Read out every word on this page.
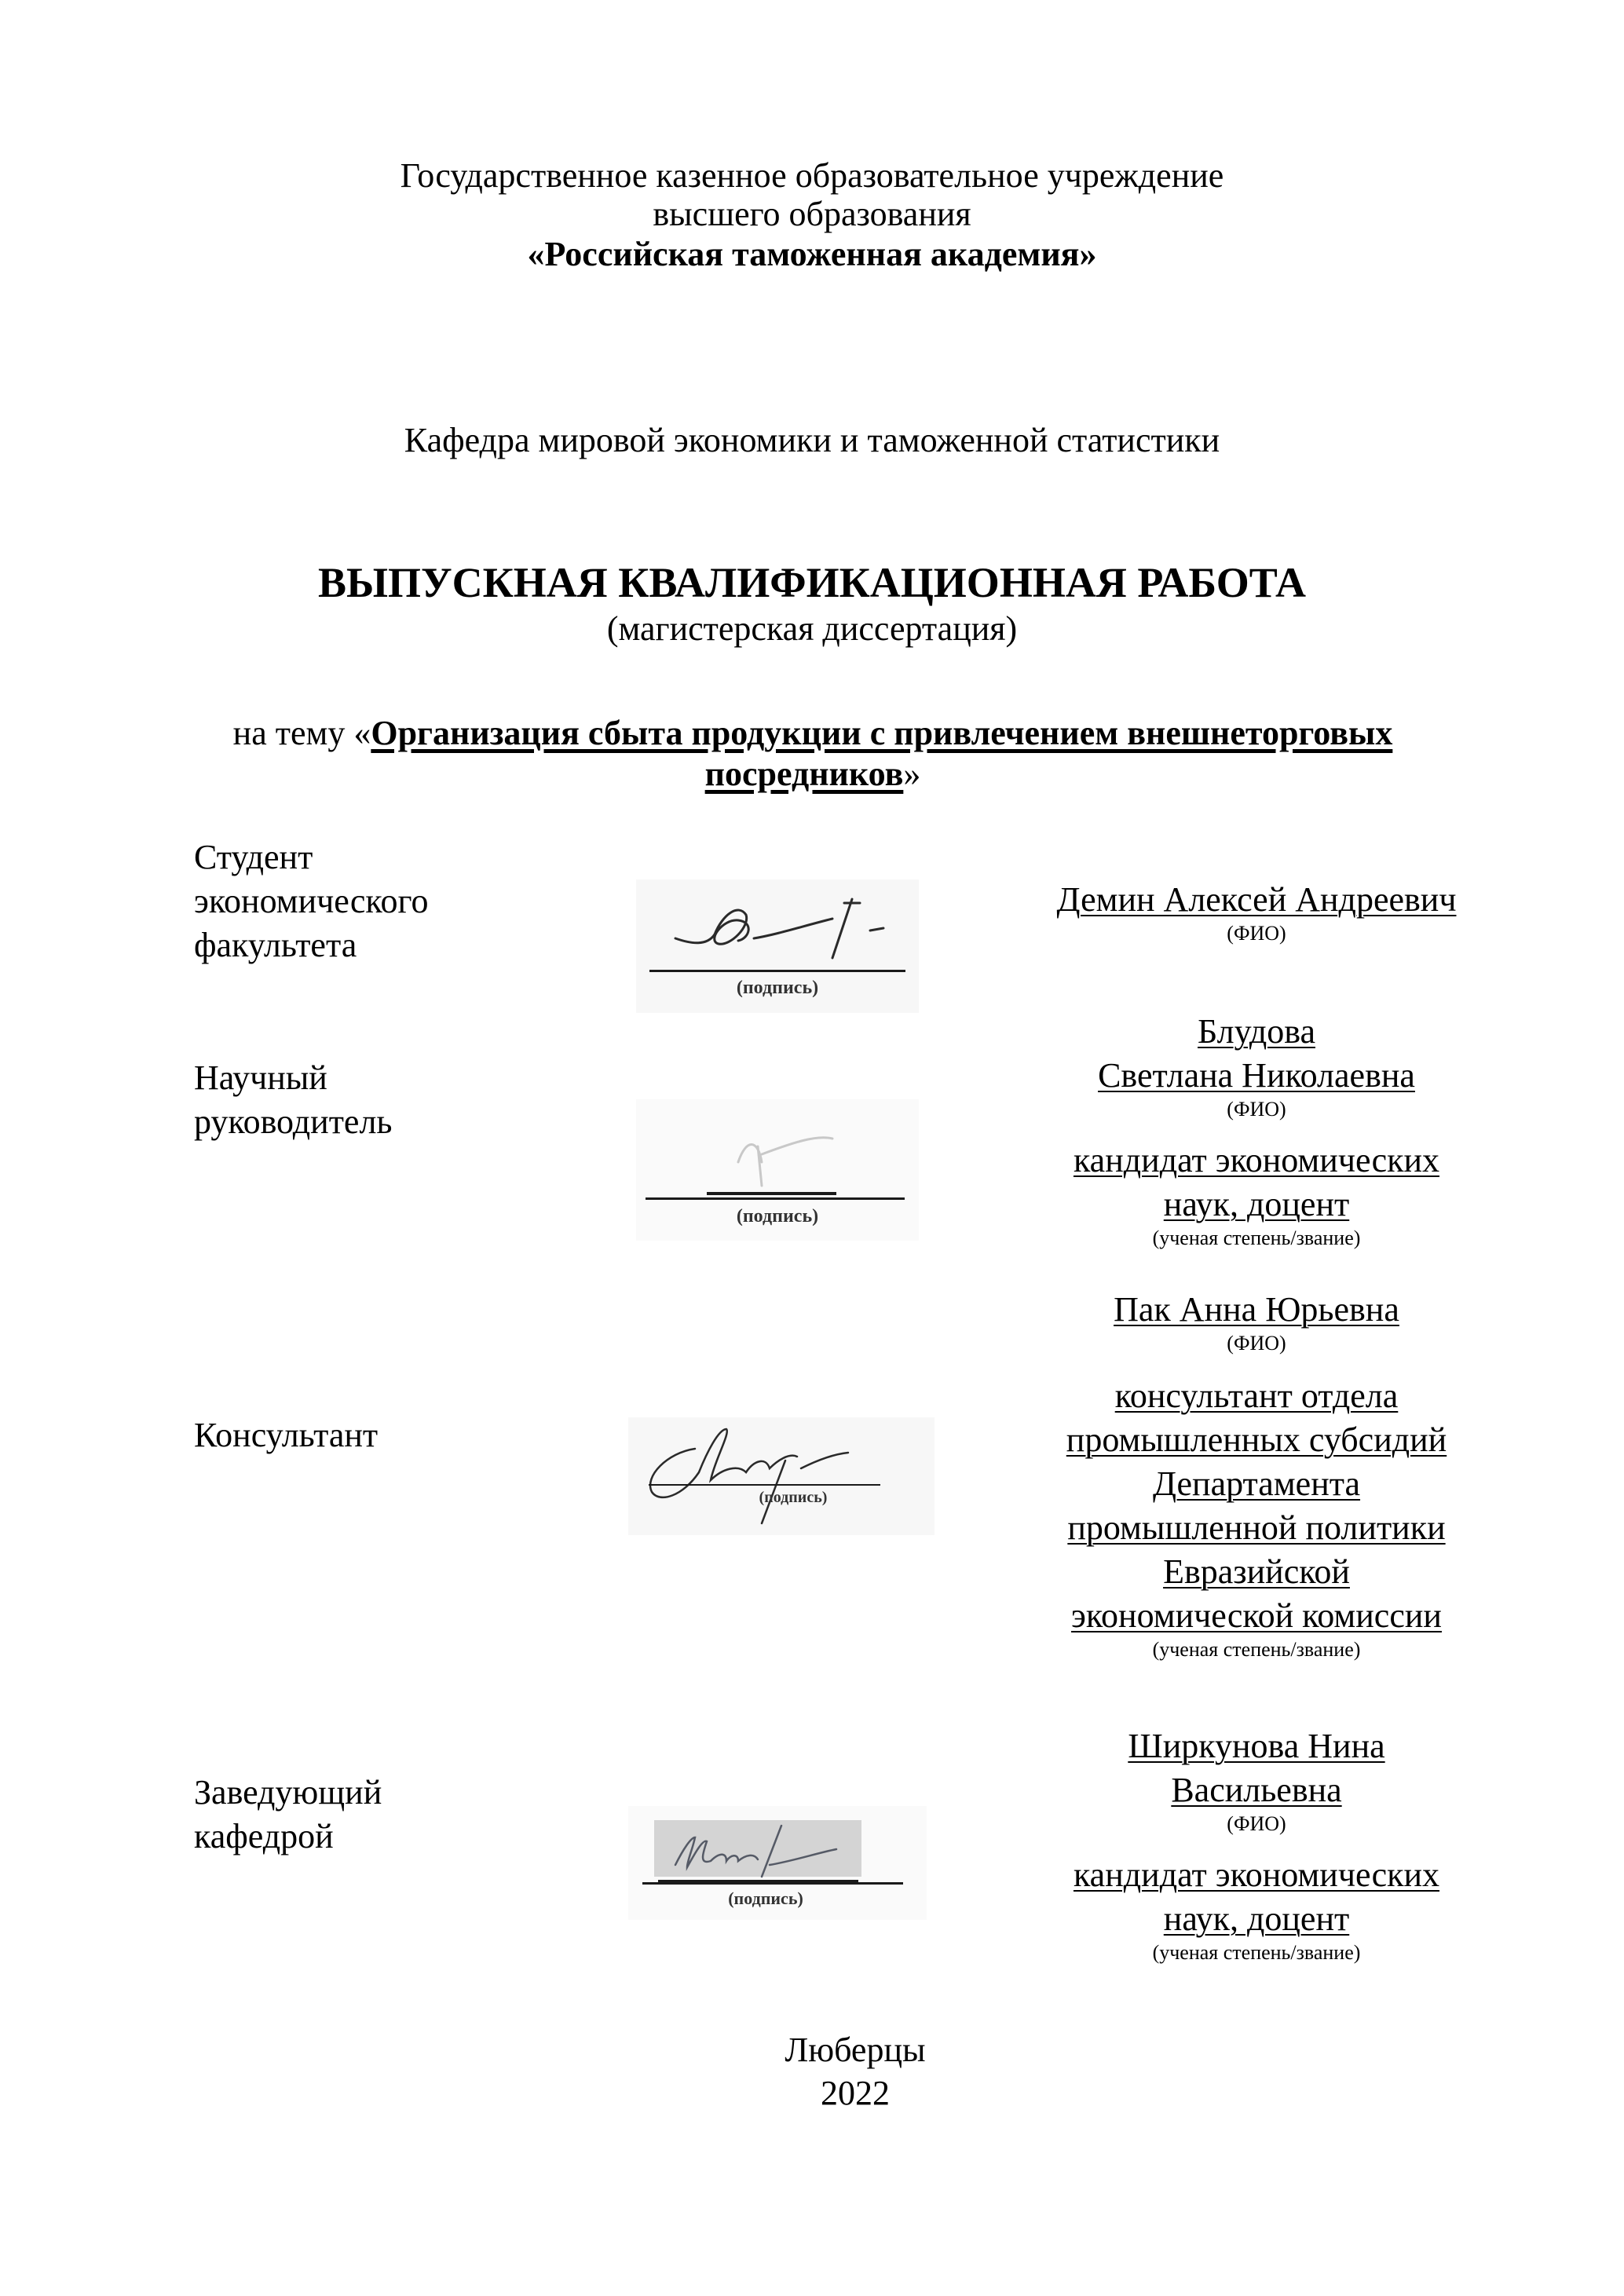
Государственное казенное образовательное учреждение
высшего образования
«Российская таможенная академия»
Кафедра мировой экономики и таможенной статистики
ВЫПУСКНАЯ КВАЛИФИКАЦИОННАЯ РАБОТА
(магистерская диссертация)
на тему «Организация сбыта продукции с привлечением внешнеторговых
посредников»
Студент
экономического
факультета
(подпись)
Демин Алексей Андреевич
(ФИО)
Научный
руководитель
(подпись)
Блудова
Светлана Николаевна
(ФИО)
кандидат экономических
наук, доцент
(ученая степень/звание)
Консультант
(подпись)
Пак Анна Юрьевна
(ФИО)
консультант отдела
промышленных субсидий
Департамента
промышленной политики
Евразийской
экономической комиссии
(ученая степень/звание)
Заведующий
кафедрой
(подпись)
Ширкунова Нина
Васильевна
(ФИО)
кандидат экономических
наук, доцент
(ученая степень/звание)
Люберцы
2022
